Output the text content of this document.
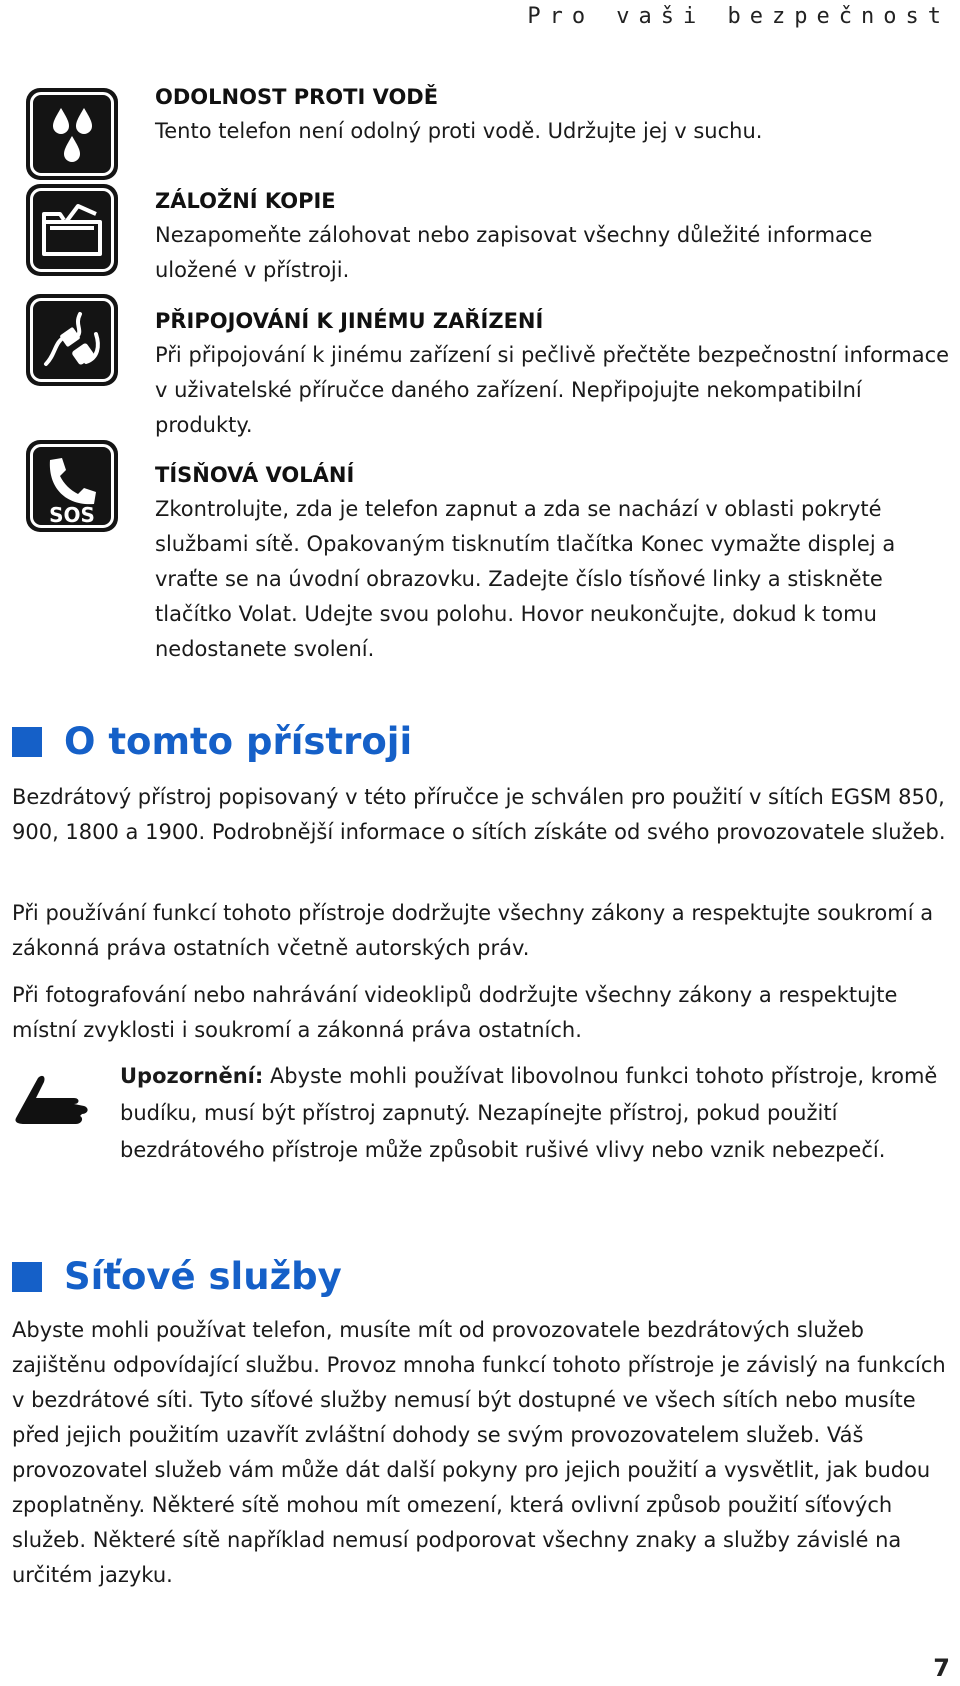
Pro vaši bezpečnost
SOS
ODOLNOST PROTI VODĚ

Tento telefon není odolný proti vodě. Udržujte jej v suchu.

ZÁLOŽNÍ KOPIE

Nezapomeňte zálohovat nebo zapisovat všechny důležité informace uložené v přístroji.

PŘIPOJOVÁNÍ K JINÉMU ZAŘÍZENÍ

Při připojování k jinému zařízení si pečlivě přečtěte bezpečnostní informace v uživatelské příručce daného zařízení. Nepřipojujte nekompatibilní produkty.

TÍSŇOVÁ VOLÁNÍ

Zkontrolujte, zda je telefon zapnut a zda se nachází v oblasti pokryté službami sítě. Opakovaným tisknutím tlačítka Konec vymažte displej a vraťte se na úvodní obrazovku. Zadejte číslo tísňové linky a stiskněte tlačítko Volat. Udejte svou polohu. Hovor neukončujte, dokud k tomu nedostanete svolení.

O tomto přístroji

Bezdrátový přístroj popisovaný v této příručce je schválen pro použití v sítích EGSM 850, 900, 1800 a 1900. Podrobnější informace o sítích získáte od svého provozovatele služeb.

Při používání funkcí tohoto přístroje dodržujte všechny zákony a respektujte soukromí a zákonná práva ostatních včetně autorských práv.

Při fotografování nebo nahrávání videoklipů dodržujte všechny zákony a respektujte místní zvyklosti i soukromí a zákonná práva ostatních.

Upozornění: Abyste mohli používat libovolnou funkci tohoto přístroje, kromě budíku, musí být přístroj zapnutý. Nezapínejte přístroj, pokud použití bezdrátového přístroje může způsobit rušivé vlivy nebo vznik nebezpečí.

Síťové služby

Abyste mohli používat telefon, musíte mít od provozovatele bezdrátových služeb zajištěnu odpovídající službu. Provoz mnoha funkcí tohoto přístroje je závislý na funkcích v bezdrátové síti. Tyto síťové služby nemusí být dostupné ve všech sítích nebo musíte před jejich použitím uzavřít zvláštní dohody se svým provozovatelem služeb. Váš provozovatel služeb vám může dát další pokyny pro jejich použití a vysvětlit, jak budou zpoplatněny. Některé sítě mohou mít omezení, která ovlivní způsob použití síťových služeb. Některé sítě například nemusí podporovat všechny znaky a služby závislé na určitém jazyku.

7
